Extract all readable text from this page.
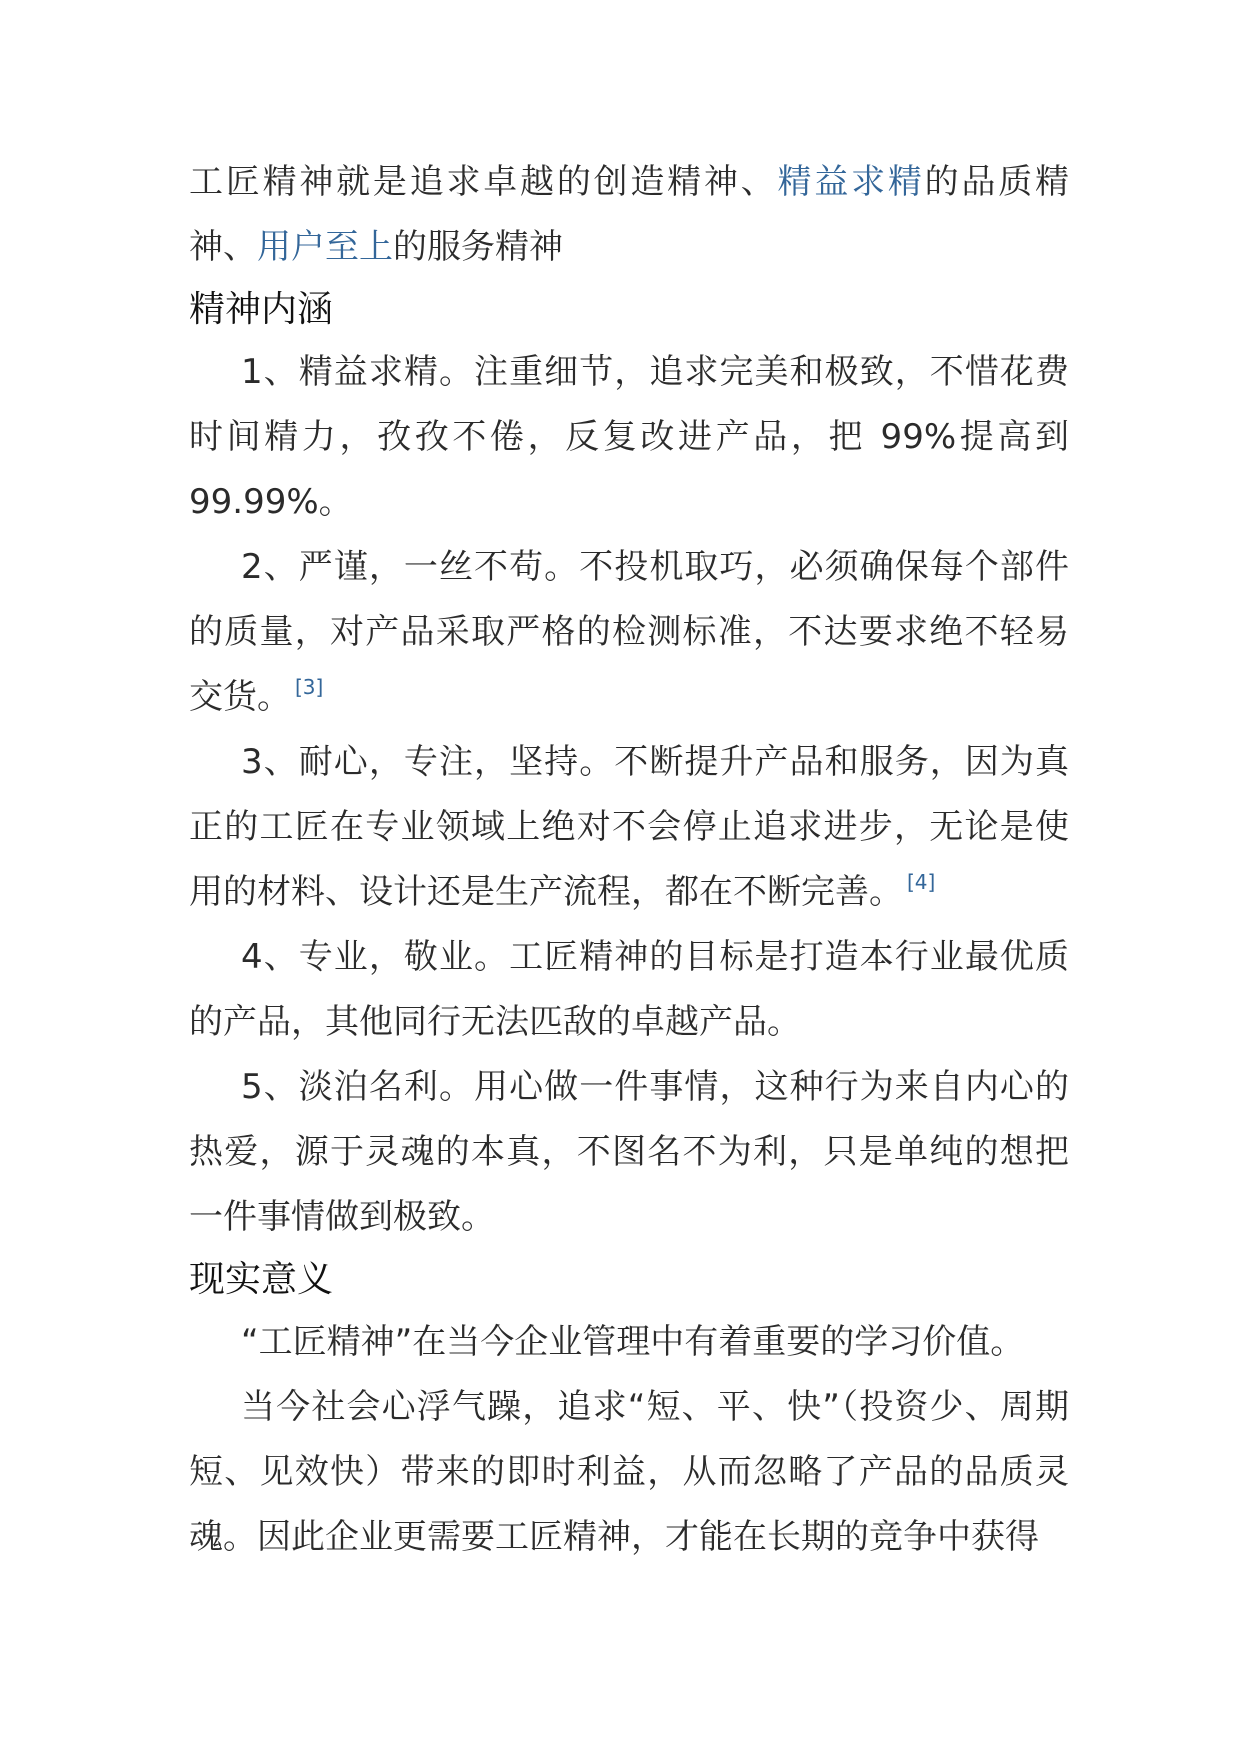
工匠精神就是追求卓越的创造精神、精益求精的品质精神、用户至上的服务精神

精神内涵

1、精益求精。注重细节，追求完美和极致，不惜花费时间精力，孜孜不倦，反复改进产品，把 99%提高到 99.99%。

2、严谨，一丝不苟。不投机取巧，必须确保每个部件的质量，对产品采取严格的检测标准，不达要求绝不轻易交货。 [3]

3、耐心，专注，坚持。不断提升产品和服务，因为真正的工匠在专业领域上绝对不会停止追求进步，无论是使用的材料、设计还是生产流程，都在不断完善。 [4]

4、专业，敬业。工匠精神的目标是打造本行业最优质的产品，其他同行无法匹敌的卓越产品。

5、淡泊名利。用心做一件事情，这种行为来自内心的热爱，源于灵魂的本真，不图名不为利，只是单纯的想把一件事情做到极致。

现实意义

“工匠精神”在当今企业管理中有着重要的学习价值。

当今社会心浮气躁，追求“短、平、快”（投资少、周期短、见效快）带来的即时利益，从而忽略了产品的品质灵魂。因此企业更需要工匠精神，才能在长期的竞争中获得
